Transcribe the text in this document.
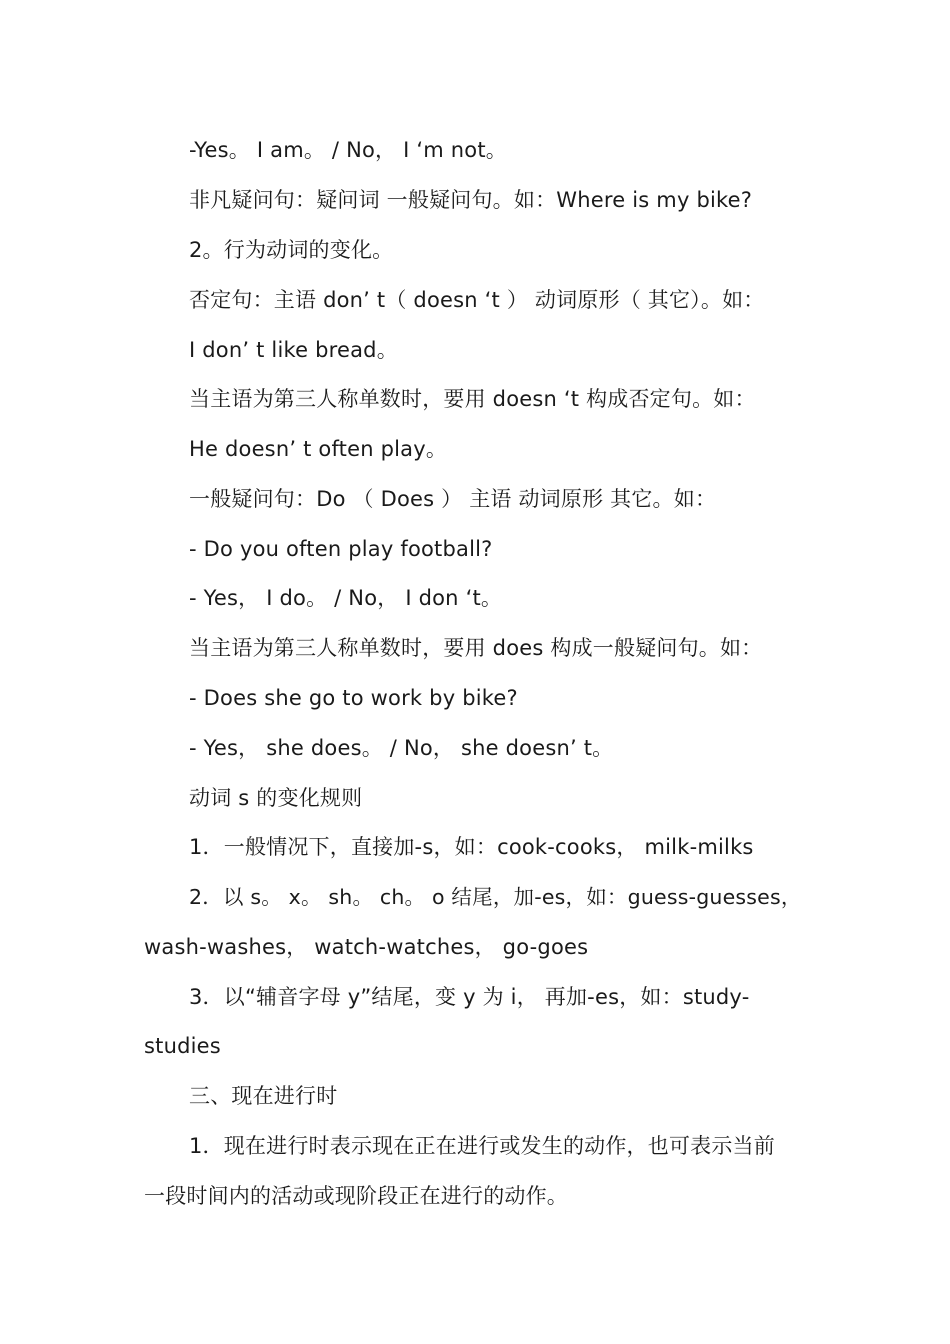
-Yes。 I am。 / No， I ‘m not。
非凡疑问句：疑问词 一般疑问句。如：Where is my bike?
2。行为动词的变化。
否定句：主语 don’ t（ doesn ‘t ） 动词原形（ 其它）。如：
I don’ t like bread。
当主语为第三人称单数时，要用 doesn ‘t 构成否定句。如：
He doesn’ t often play。
一般疑问句：Do （ Does ） 主语 动词原形 其它。如：
- Do you often play football?
- Yes， I do。 / No， I don ‘t。
当主语为第三人称单数时，要用 does 构成一般疑问句。如：
- Does she go to work by bike?
- Yes， she does。 / No， she doesn’ t。
动词 s 的变化规则
1．一般情况下，直接加-s，如：cook-cooks， milk-milks
2．以 s。 x。 sh。 ch。 o 结尾，加-es，如：guess-guesses，
wash-washes， watch-watches， go-goes
3．以“辅音字母 y”结尾，变 y 为 i， 再加-es，如：study-
studies
三、现在进行时
1．现在进行时表示现在正在进行或发生的动作，也可表示当前
一段时间内的活动或现阶段正在进行的动作。
